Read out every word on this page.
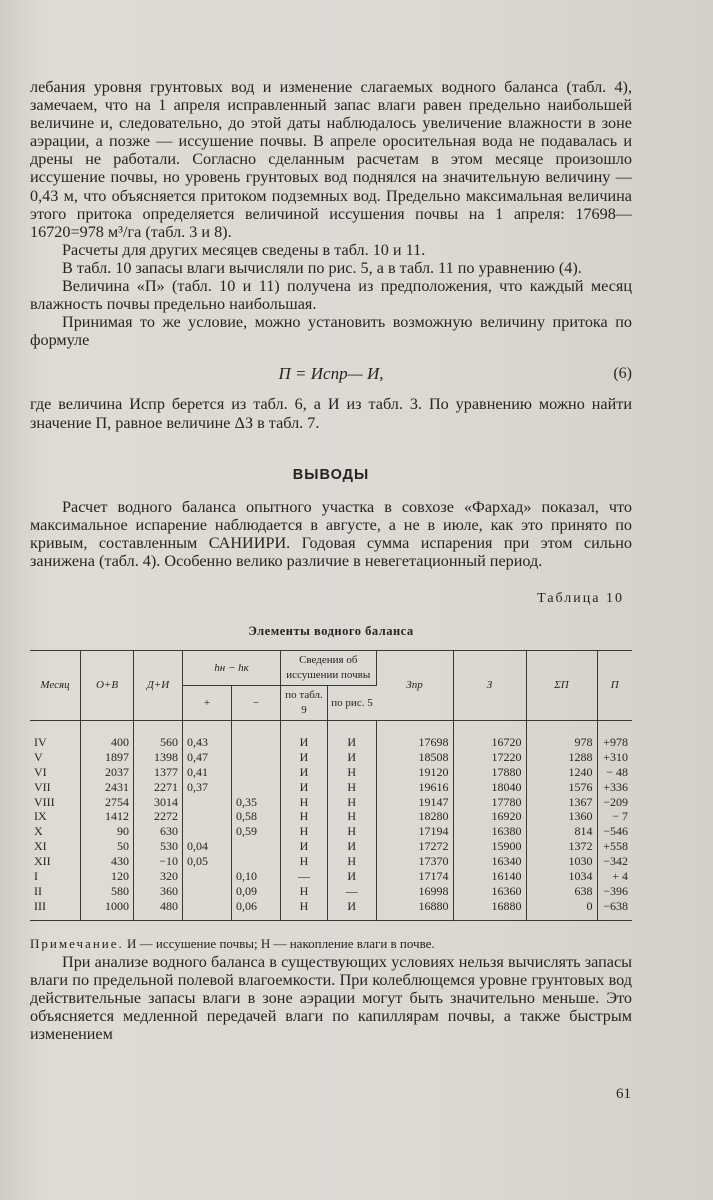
лебания уровня грунтовых вод и изменение слагаемых водного баланса (табл. 4), замечаем, что на 1 апреля исправленный запас влаги равен предельно наибольшей величине и, следовательно, до этой даты наблюдалось увеличение влажности в зоне аэрации, а позже — иссушение почвы. В апреле оросительная вода не подавалась и дрены не работали. Согласно сделанным расчетам в этом месяце произошло иссушение почвы, но уровень грунтовых вод поднялся на значительную величину — 0,43 м, что объясняется притоком подземных вод. Предельно максимальная величина этого притока определяется величиной иссушения почвы на 1 апреля: 17698—16720=978 м³/га (табл. 3 и 8).

Расчеты для других месяцев сведены в табл. 10 и 11.

В табл. 10 запасы влаги вычисляли по рис. 5, а в табл. 11 по уравнению (4).

Величина «П» (табл. 10 и 11) получена из предположения, что каждый месяц влажность почвы предельно наибольшая.

Принимая то же условие, можно установить возможную величину притока по формуле

П = Иcпр— И,	(6)

где величина Иcпр берется из табл. 6, а И из табл. 3. По уравнению можно найти значение П, равное величине ΔЗ в табл. 7.

ВЫВОДЫ

Расчет водного баланса опытного участка в совхозе «Фархад» показал, что максимальное испарение наблюдается в августе, а не в июле, как это принято по кривым, составленным САНИИРИ. Годовая сумма испарения при этом сильно занижена (табл. 4). Особенно велико различие в невегетационный период.

Таблица 10
Элементы водного баланса
Месяц	O+B	Д+И	hн − hк		Сведения об иссушении почвы		Зпр	З	ΣП	П
			+	−	по табл. 9	по рис. 5				
IV	400	560	0,43		И	И	17698	16720	978	+978
V	1897	1398	0,47		И	И	18508	17220	1288	+310
VI	2037	1377	0,41		И	Н	19120	17880	1240	− 48
VII	2431	2271	0,37		И	Н	19616	18040	1576	+336
VIII	2754	3014		0,35	Н	Н	19147	17780	1367	−209
IX	1412	2272		0,58	Н	Н	18280	16920	1360	− 7
X	90	630		0,59	Н	Н	17194	16380	814	−546
XI	50	530	0,04		И	И	17272	15900	1372	+558
XII	430	−10	0,05		Н	Н	17370	16340	1030	−342
I	120	320		0,10	—	И	17174	16140	1034	+ 4
II	580	360		0,09	Н	—	16998	16360	638	−396
III	1000	480		0,06	Н	И	16880	16880	0	−638
Примечание. И — иссушение почвы; Н — накопление влаги в почве.

При анализе водного баланса в существующих условиях нельзя вычислять запасы влаги по предельной полевой влагоемкости. При колеблющемся уровне грунтовых вод действительные запасы влаги в зоне аэрации могут быть значительно меньше. Это объясняется медленной передачей влаги по капиллярам почвы, а также быстрым изменением

61
